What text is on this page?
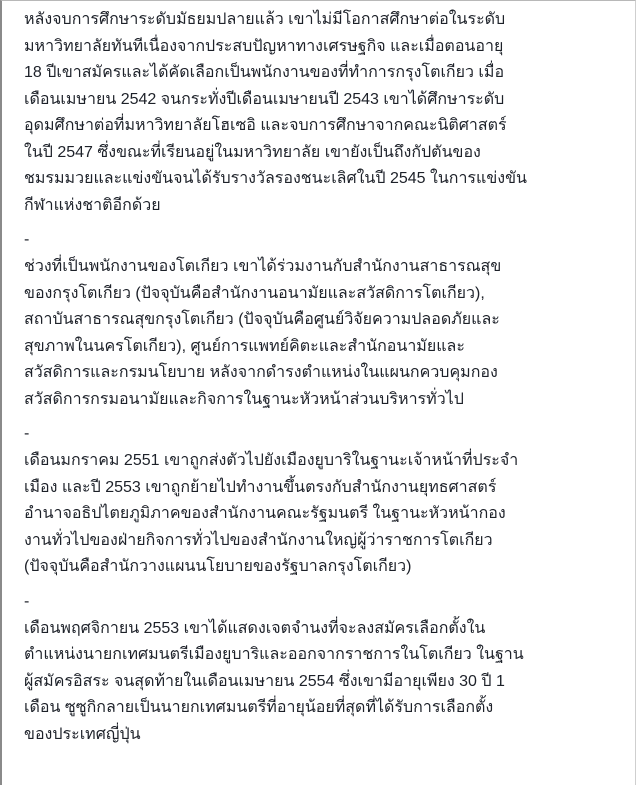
หลังจบการศึกษาระดับมัธยมปลายแล้ว เขาไม่มีโอกาสศึกษาต่อในระดับ
มหาวิทยาลัยทันทีเนื่องจากประสบปัญหาทางเศรษฐกิจ และเมื่อตอนอายุ
18 ปีเขาสมัครและได้คัดเลือกเป็นพนักงานของที่ทำการกรุงโตเกียว เมื่อ
เดือนเมษายน 2542 จนกระทั่งปีเดือนเมษายนปี 2543 เขาได้ศึกษาระดับ
อุดมศึกษาต่อที่มหาวิทยาลัยโฮเซอิ และจบการศึกษาจากคณะนิติศาสตร์
ในปี 2547 ซึ่งขณะที่เรียนอยู่ในมหาวิทยาลัย เขายังเป็นถึงกัปตันของ
ชมรมมวยและแข่งขันจนได้รับรางวัลรองชนะเลิศในปี 2545 ในการแข่งขัน
กีฬาแห่งชาติอีกด้วย

-

ช่วงที่เป็นพนักงานของโตเกียว เขาได้ร่วมงานกับสำนักงานสาธารณสุข
ของกรุงโตเกียว (ปัจจุบันคือสำนักงานอนามัยและสวัสดิการโตเกียว),
สถาบันสาธารณสุขกรุงโตเกียว (ปัจจุบันคือศูนย์วิจัยความปลอดภัยและ
สุขภาพในนครโตเกียว), ศูนย์การแพทย์คิตะและสำนักอนามัยและ
สวัสดิการและกรมนโยบาย หลังจากดำรงตำแหน่งในแผนกควบคุมกอง
สวัสดิการกรมอนามัยและกิจการในฐานะหัวหน้าส่วนบริหารทั่วไป

-

เดือนมกราคม 2551 เขาถูกส่งตัวไปยังเมืองยูบาริในฐานะเจ้าหน้าที่ประจำ
เมือง และปี 2553 เขาถูกย้ายไปทำงานขึ้นตรงกับสำนักงานยุทธศาสตร์
อำนาจอธิปไตยภูมิภาคของสำนักงานคณะรัฐมนตรี ในฐานะหัวหน้ากอง
งานทั่วไปของฝ่ายกิจการทั่วไปของสำนักงานใหญ่ผู้ว่าราชการโตเกียว
(ปัจจุบันคือสำนักวางแผนนโยบายของรัฐบาลกรุงโตเกียว)

-

เดือนพฤศจิกายน 2553 เขาได้แสดงเจตจำนงที่จะลงสมัครเลือกตั้งใน
ตำแหน่งนายกเทศมนตรีเมืองยูบาริและออกจากราชการในโตเกียว ในฐาน
ผู้สมัครอิสระ จนสุดท้ายในเดือนเมษายน 2554 ซึ่งเขามีอายุเพียง 30 ปี 1
เดือน ซูซูกิกลายเป็นนายกเทศมนตรีที่อายุน้อยที่สุดที่ได้รับการเลือกตั้ง
ของประเทศญี่ปุ่น
